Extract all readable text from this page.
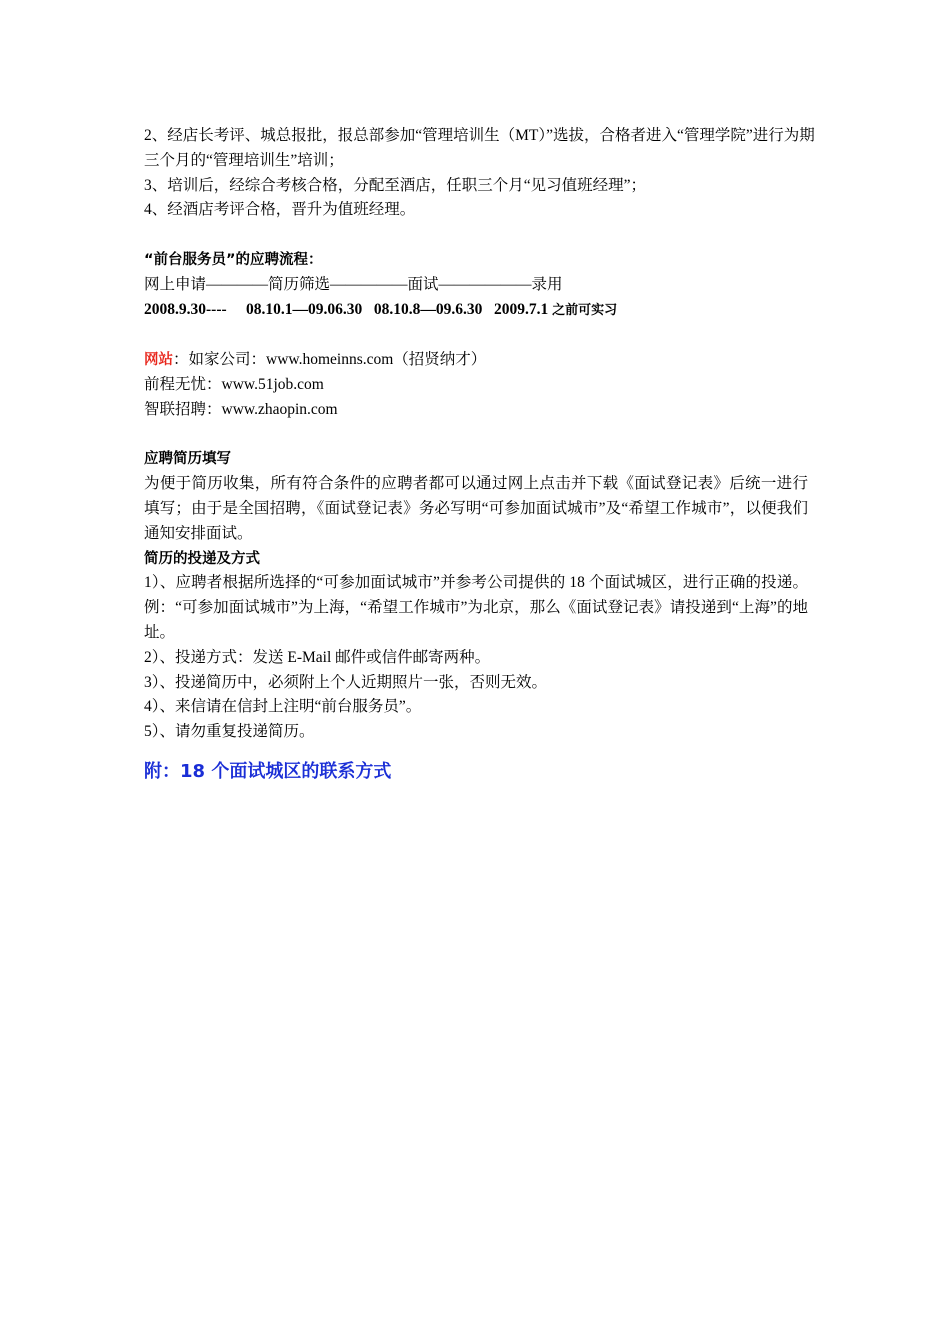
2、经店长考评、城总报批，报总部参加“管理培训生（MT）”选拔，合格者进入“管理学院”进行为期
三个月的“管理培训生”培训；
3、培训后，经综合考核合格，分配至酒店，任职三个月“见习值班经理”；
4、经酒店考评合格，晋升为值班经理。
“前台服务员”的应聘流程：
网上申请————简历筛选—————面试——————录用
2008.9.30----     08.10.1—09.06.30   08.10.8—09.6.30   2009.7.1 之前可实习
网站：如家公司：www.homeinns.com（招贤纳才）
前程无忧：www.51job.com
智联招聘：www.zhaopin.com
应聘简历填写
为便于简历收集，所有符合条件的应聘者都可以通过网上点击并下载《面试登记表》后统一进行填写；由于是全国招聘，《面试登记表》务必写明“可参加面试城市”及“希望工作城市”，以便我们通知安排面试。
简历的投递及方式
1）、应聘者根据所选择的“可参加面试城市”并参考公司提供的 18 个面试城区，进行正确的投递。例：“可参加面试城市”为上海，“希望工作城市”为北京，那么《面试登记表》请投递到“上海”的地址。
2）、投递方式：发送 E-Mail 邮件或信件邮寄两种。
3）、投递简历中，必须附上个人近期照片一张，否则无效。
4）、来信请在信封上注明“前台服务员”。
5）、请勿重复投递简历。
附：18 个面试城区的联系方式
